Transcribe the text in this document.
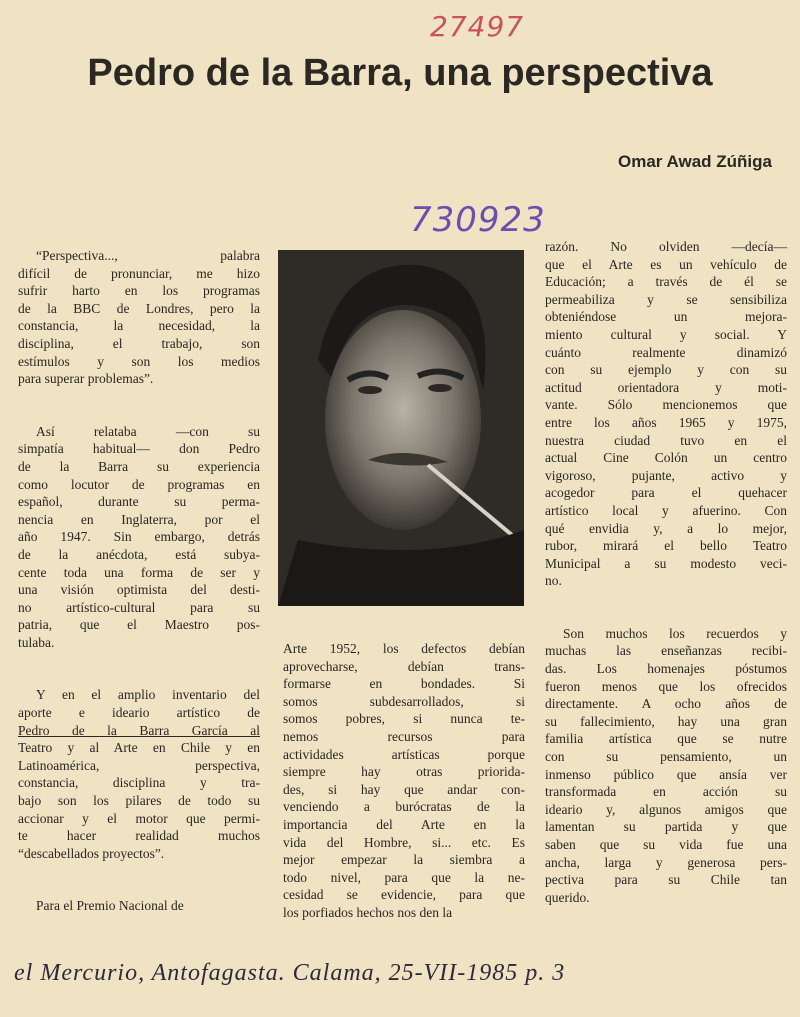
27497
Pedro de la Barra, una perspectiva
Omar Awad Zúñiga
730923
“Perspectiva..., palabra
difícil de pronunciar, me hizo
sufrir harto en los programas
de la BBC de Londres, pero la
constancia, la necesidad, la
disciplina, el trabajo, son
estímulos y son los medios
para superar problemas”.
Así relataba —con su
simpatía habitual— don Pedro
de la Barra su experiencia
como locutor de programas en
español, durante su perma-
nencia en Inglaterra, por el
año 1947. Sin embargo, detrás
de la anécdota, está subya-
cente toda una forma de ser y
una visión optimista del desti-
no artístico-cultural para su
patria, que el Maestro pos-
tulaba.
Y en el amplio inventario del
aporte e ideario artístico de
Pedro de la Barra García al
Teatro y al Arte en Chile y en
Latinoamérica, perspectiva,
constancia, disciplina y tra-
bajo son los pilares de todo su
accionar y el motor que permi-
te hacer realidad muchos
“descabellados proyectos”.
Para el Premio Nacional de
Arte 1952, los defectos debían
aprovecharse, debían trans-
formarse en bondades. Si
somos subdesarrollados, si
somos pobres, si nunca te-
nemos recursos para
actividades artísticas porque
siempre hay otras priorida-
des, si hay que andar con-
venciendo a burócratas de la
importancia del Arte en la
vida del Hombre, si... etc. Es
mejor empezar la siembra a
todo nivel, para que la ne-
cesidad se evidencie, para que
los porfiados hechos nos den la
razón. No olviden —decía—
que el Arte es un vehículo de
Educación; a través de él se
permeabiliza y se sensibiliza
obteniéndose un mejora-
miento cultural y social. Y
cuánto realmente dinamizó
con su ejemplo y con su
actitud orientadora y moti-
vante. Sólo mencionemos que
entre los años 1965 y 1975,
nuestra ciudad tuvo en el
actual Cine Colón un centro
vigoroso, pujante, activo y
acogedor para el quehacer
artístico local y afuerino. Con
qué envidia y, a lo mejor,
rubor, mirará el bello Teatro
Municipal a su modesto veci-
no.
Son muchos los recuerdos y
muchas las enseñanzas recibi-
das. Los homenajes póstumos
fueron menos que los ofrecidos
directamente. A ocho años de
su fallecimiento, hay una gran
familia artística que se nutre
con su pensamiento, un
inmenso público que ansía ver
transformada en acción su
ideario y, algunos amigos que
lamentan su partida y que
saben que su vida fue una
ancha, larga y generosa pers-
pectiva para su Chile tan
querido.
el Mercurio, Antofagasta. Calama, 25-VII-1985 p. 3
